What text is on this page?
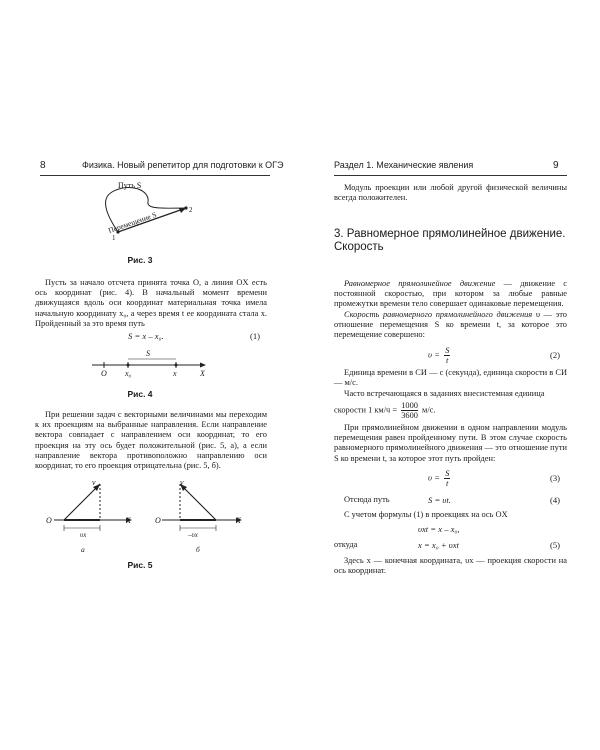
8	Физика. Новый репетитор для подготовки к ОГЭ
Путь S
Перемещение S
1
2
Рис. 3

Пусть за начало отсчета принята точка O, а линия OX есть ось координат (рис. 4). В начальный момент времени движущаяся вдоль оси координат материальная точка имела начальную координату x₀, а через время t ее координата стала x. Пройденный за это время путь

S = x – x₀.	(1)
S
O x₀	x	X
Рис. 4

При решении задач с векторными величинами мы переходим к их проекциям на выбранные направления. Если направление вектора совпадает с направлением оси координат, то его проекция на эту ось будет положительной (рис. 5, а), а если направление вектора противоположно направлению оси координат, то его проекция отрицательна (рис. 5, б).

v
O	X
υx
а
v
O	X
–υx
б
Рис. 5
Раздел 1. Механические явления	9

Модуль проекции или любой другой физической величины всегда положителен.

3. Равномерное прямолинейное движение.
Скорость

Равномерное прямолинейное движение — движение с постоянной скоростью, при котором за любые равные промежутки времени тело совершает одинаковые перемещения.

Скорость равномерного прямолинейного движения υ — это отношение перемещения S ко времени t, за которое это перемещение совершено:

$\upsilon = \frac{S}{t}$	(2)

Единица времени в СИ — с (секунда), единица скорости в СИ — м/с.

Часто встречающаяся в заданиях внесистемная единица

скорости 1 $км/ч = \frac{1000}{3600} м/с$.

При прямолинейном движении в одном направлении модуль перемещения равен пройденному пути. В этом случае скорость равномерного прямолинейного движения — это отношение пути S ко времени t, за которое этот путь пройден:

$\upsilon = \frac{S}{t}$	(3)
Отсюда путь	S = υt.	(4)
С учетом формулы (1) в проекциях на ось OX
υxt = x – x₀,
откуда	x = x₀ + υxt	(5)

Здесь x — конечная координата, υx — проекция скорости на ось координат.
